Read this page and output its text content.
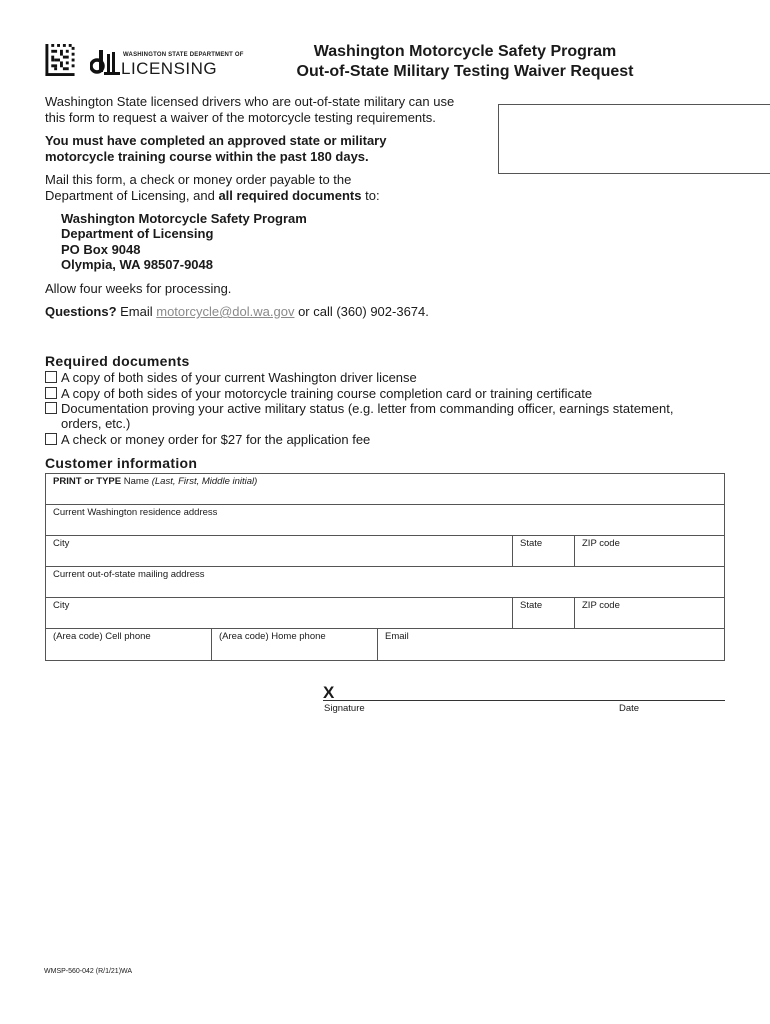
WASHINGTON STATE DEPARTMENT OF
LICENSING
Washington Motorcycle Safety Program
Out-of-State Military Testing Waiver Request
Washington State licensed drivers who are out-of-state military can use
this form to request a waiver of the motorcycle testing requirements.
You must have completed an approved state or military
motorcycle training course within the past 180 days.
Mail this form, a check or money order payable to the
Department of Licensing, and all required documents to:
Washington Motorcycle Safety Program
Department of Licensing
PO Box 9048
Olympia, WA 98507-9048
Allow four weeks for processing.
Questions? Email motorcycle@dol.wa.gov or call (360) 902-3674.
Required documents
A copy of both sides of your current Washington driver license
A copy of both sides of your motorcycle training course completion card or training certificate
Documentation proving your active military status (e.g. letter from commanding officer, earnings statement,
orders, etc.)
A check or money order for $27 for the application fee
Customer information
PRINT or TYPE Name (Last, First, Middle initial)
Current Washington residence address
City	State	ZIP code
Current out-of-state mailing address
City	State	ZIP code
(Area code) Cell phone	(Area code) Home phone	Email
X
Signature	Date
WMSP-560-042 (R/1/21)WA
